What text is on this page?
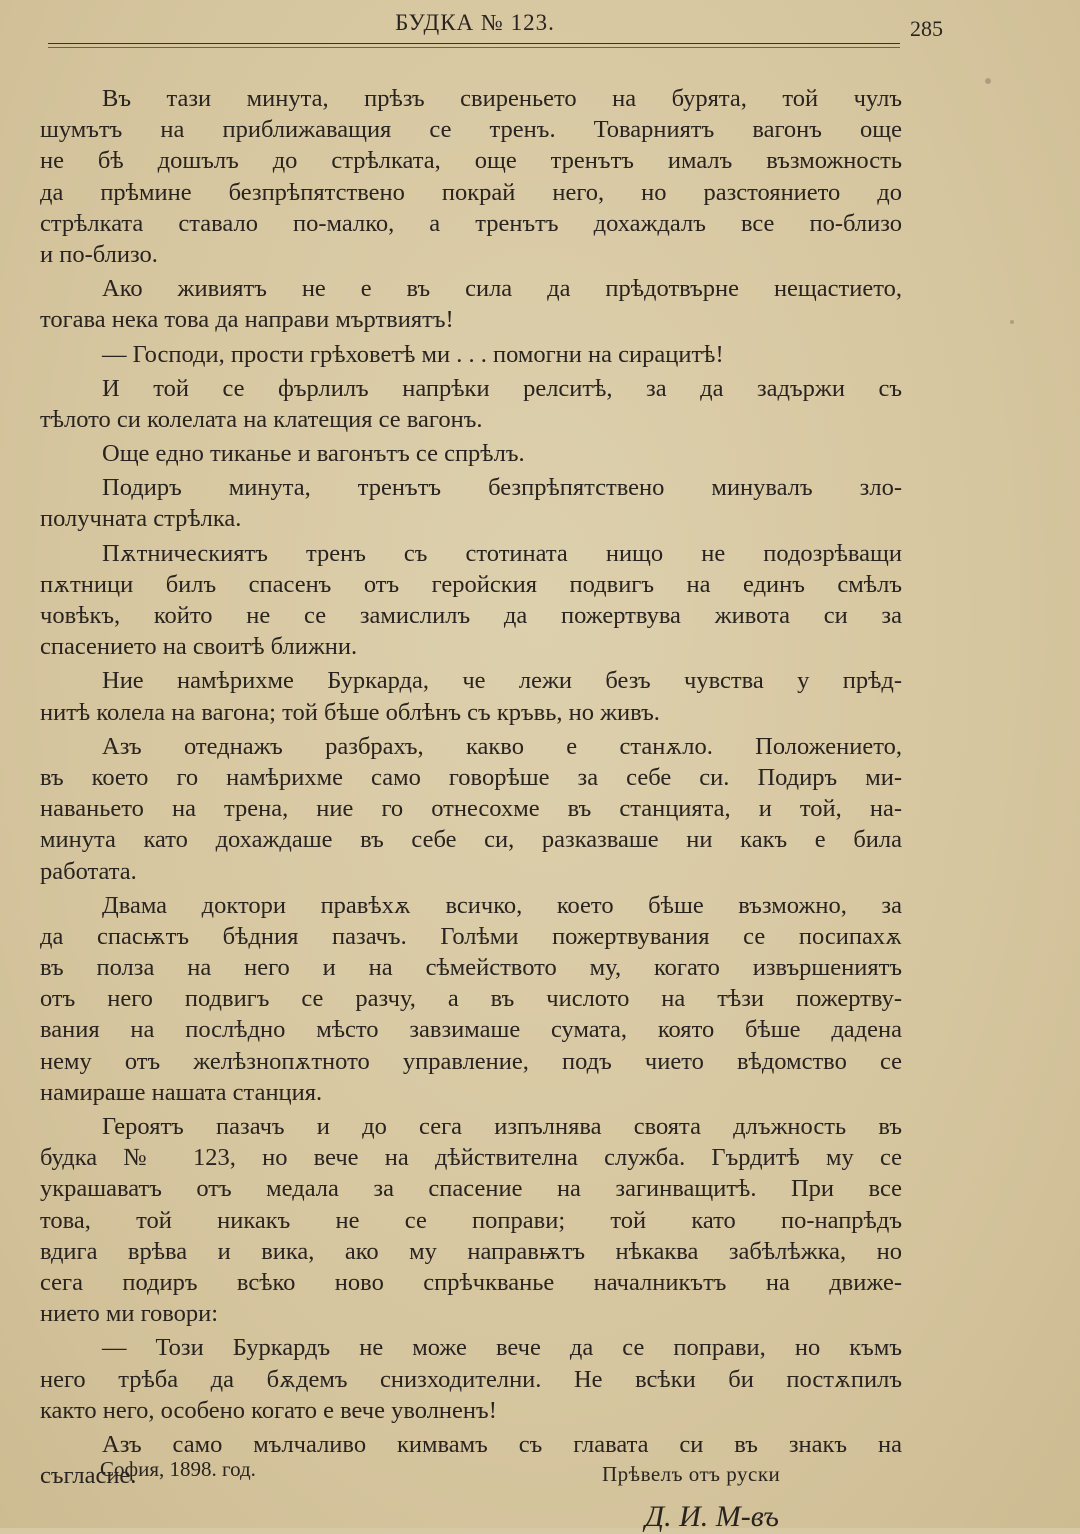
БУДКА № 123.	285
Въ тази минута, прѣзъ свиреньето на бурята, той чулъ
шумътъ на приближаващия се тренъ. Товарниятъ вагонъ още
не бѣ дошълъ до стрѣлката, още тренътъ ималъ възможность
да прѣмине безпрѣпятствено покрай него, но разстоянието до
стрѣлката ставало по-малко, а тренътъ дохаждалъ все по-близо
и по-близо.
Ако живиятъ не е въ сила да прѣдотвърне нещастието,
тогава нека това да направи мъртвиятъ!
— Господи, прости грѣховетѣ ми . . . помогни на сирацитѣ!
И той се фърлилъ напрѣки релситѣ, за да задържи съ
тѣлото си колелата на клатещия се вагонъ.
Още едно тиканье и вагонътъ се спрѣлъ.
Подиръ минута, тренътъ безпрѣпятствено минувалъ зло-
получната стрѣлка.
Пѫтническиятъ тренъ съ стотината нищо не подозрѣващи
пѫтници билъ спасенъ отъ геройския подвигъ на единъ смѣлъ
човѣкъ, който не се замислилъ да пожертвува живота си за
спасението на своитѣ ближни.
Ние намѣрихме Буркарда, че лежи безъ чувства у прѣд-
нитѣ колела на вагона; той бѣше облѣнъ съ кръвь, но живъ.
Азъ отеднажъ разбрахъ, какво е станѫло. Положението,
въ което го намѣрихме само говорѣше за себе си. Подиръ ми-
наваньето на трена, ние го отнесохме въ станцията, и той, на-
минута като дохаждаше въ себе си, разказваше ни какъ е била
работата.
Двама доктори правѣхѫ всичко, което бѣше възможно, за
да спасѭтъ бѣдния пазачъ. Голѣми пожертвувания се посипахѫ
въ полза на него и на сѣмейството му, когато извършениятъ
отъ него подвигъ се разчу, а въ числото на тѣзи пожертву-
вания на послѣдно мѣсто завзимаше сумата, която бѣше дадена
нему отъ желѣзнопѫтното управление, подъ чието вѣдомство се
намираше нашата станция.
Героятъ пазачъ и до сега изпълнява своята длъжность въ
будка № 123, но вече на дѣйствителна служба. Гърдитѣ му се
украшаватъ отъ медала за спасение на загинващитѣ. При все
това, той никакъ не се поправи; той като по-напрѣдъ
вдига врѣва и вика, ако му направѭтъ нѣкаква забѣлѣжка, но
сега подиръ всѣко ново спрѣчкванье началникътъ на движе-
нието ми говори:
— Този Буркардъ не може вече да се поправи, но къмъ
него трѣба да бѫдемъ снизходителни. Не всѣки би постѫпилъ
както него, особено когато е вече уволненъ!
Азъ само мълчаливо кимвамъ съ главата си въ знакъ на
съгласие.
София, 1898. год.	Прѣвелъ отъ руски
Д. И. М-въ
